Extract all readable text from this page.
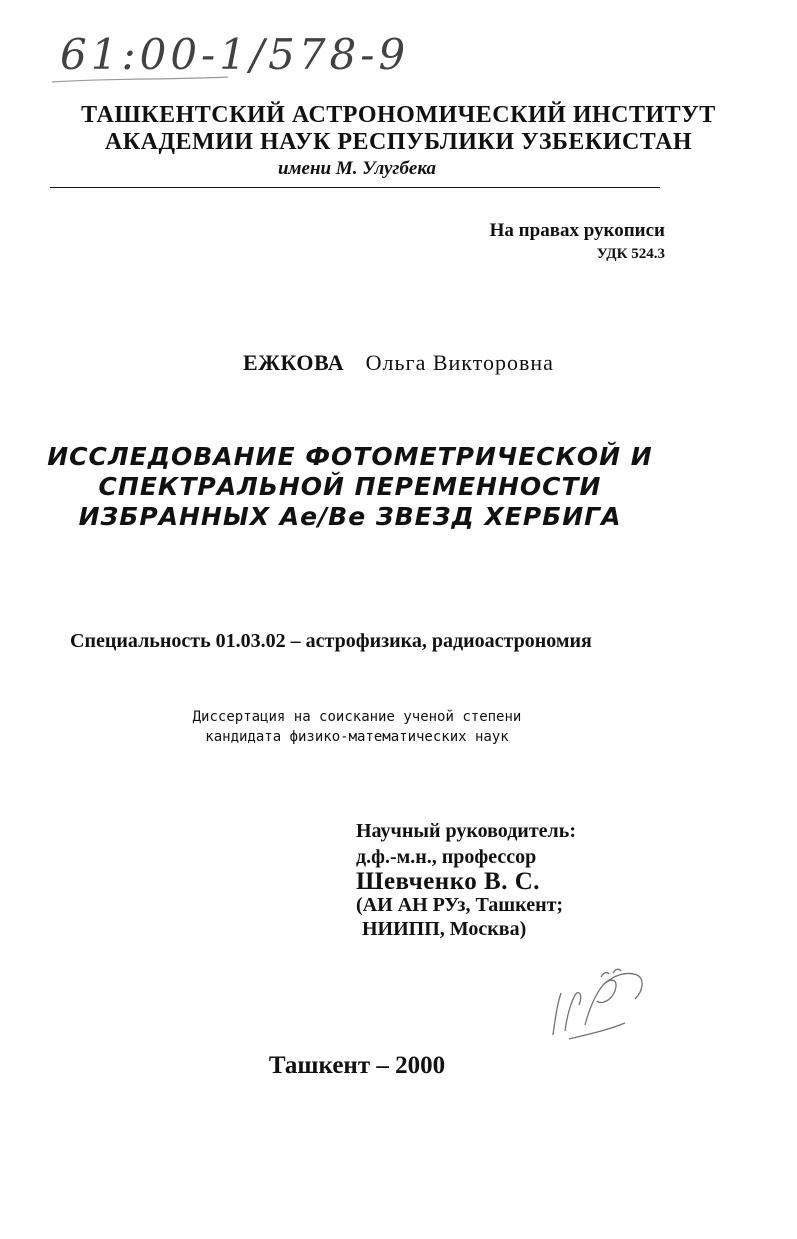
61:00-1/578-9
ТАШКЕНТСКИЙ АСТРОНОМИЧЕСКИЙ ИНСТИТУТ
АКАДЕМИИ НАУК РЕСПУБЛИКИ УЗБЕКИСТАН
имени М. Улугбека
На правах рукописи
УДК 524.3
ЕЖКОВА Ольга Викторовна
ИССЛЕДОВАНИЕ ФОТОМЕТРИЧЕСКОЙ И
СПЕКТРАЛЬНОЙ ПЕРЕМЕННОСТИ
ИЗБРАННЫХ Ae/Be ЗВЕЗД ХЕРБИГА
Специальность 01.03.02 – астрофизика, радиоастрономия
Диссертация на соискание ученой степени
кандидата физико-математических наук
Научный руководитель:
д.ф.-м.н., профессор
Шевченко В. С.
(АИ АН РУз, Ташкент;
НИИПП, Москва)
Ташкент – 2000
